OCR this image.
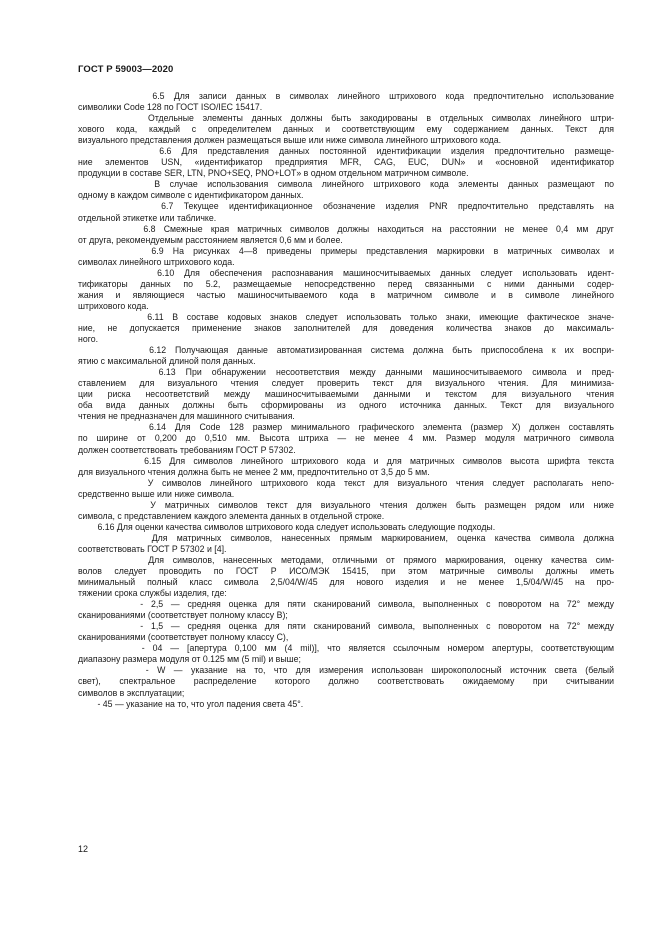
ГОСТ Р 59003—2020
6.5 Для записи данных в символах линейного штрихового кода предпочтительно использование
символики Code 128 по ГОСТ ISO/IEC 15417.
Отдельные элементы данных должны быть закодированы в отдельных символах линейного штри-
хового кода, каждый с определителем данных и соответствующим ему содержанием данных. Текст для
визуального представления должен размещаться выше или ниже символа линейного штрихового кода.
6.6 Для представления данных постоянной идентификации изделия предпочтительно размеще-
ние элементов USN, «идентификатор предприятия MFR, CAG, EUC, DUN» и «основной идентификатор
продукции в составе SER, LTN, PNO+SEQ, PNO+LOT» в одном отдельном матричном символе.
В случае использования символа линейного штрихового кода элементы данных размещают по
одному в каждом символе с идентификатором данных.
6.7 Текущее идентификационное обозначение изделия PNR предпочтительно представлять на
отдельной этикетке или табличке.
6.8 Смежные края матричных символов должны находиться на расстоянии не менее 0,4 мм друг
от друга, рекомендуемым расстоянием является 0,6 мм и более.
6.9 На рисунках 4—8 приведены примеры представления маркировки в матричных символах и
символах линейного штрихового кода.
6.10 Для обеспечения распознавания машиносчитываемых данных следует использовать идент-
тификаторы данных по 5.2, размещаемые непосредственно перед связанными с ними данными содер-
жания и являющиеся частью машиносчитываемого кода в матричном символе и в символе линейного
штрихового кода.
6.11 В составе кодовых знаков следует использовать только знаки, имеющие фактическое значе-
ние, не допускается применение знаков заполнителей для доведения количества знаков до максималь-
ного.
6.12 Получающая данные автоматизированная система должна быть приспособлена к их воспри-
ятию с максимальной длиной поля данных.
6.13 При обнаружении несоответствия между данными машиносчитываемого символа и пред-
ставлением для визуального чтения следует проверить текст для визуального чтения. Для минимиза-
ции риска несоответствий между машиносчитываемыми данными и текстом для визуального чтения
оба вида данных должны быть сформированы из одного источника данных. Текст для визуального
чтения не предназначен для машинного считывания.
6.14 Для Code 128 размер минимального графического элемента (размер X) должен составлять
по ширине от 0,200 до 0,510 мм. Высота штриха — не менее 4 мм. Размер модуля матричного символа
должен соответствовать требованиям ГОСТ Р 57302.
6.15 Для символов линейного штрихового кода и для матричных символов высота шрифта текста
для визуального чтения должна быть не менее 2 мм, предпочтительно от 3,5 до 5 мм.
У символов линейного штрихового кода текст для визуального чтения следует располагать непо-
средственно выше или ниже символа.
У матричных символов текст для визуального чтения должен быть размещен рядом или ниже
символа, с представлением каждого элемента данных в отдельной строке.
6.16 Для оценки качества символов штрихового кода следует использовать следующие подходы.
Для матричных символов, нанесенных прямым маркированием, оценка качества символа должна
соответствовать ГОСТ Р 57302 и [4].
Для символов, нанесенных методами, отличными от прямого маркирования, оценку качества сим-
волов следует проводить по ГОСТ Р ИСО/МЭК 15415, при этом матричные символы должны иметь
минимальный полный класс символа 2,5/04/W/45 для нового изделия и не менее 1,5/04/W/45 на про-
тяжении срока службы изделия, где:
- 2,5 — средняя оценка для пяти сканирований символа, выполненных с поворотом на 72° между
сканированиями (соответствует полному классу В);
- 1,5 — средняя оценка для пяти сканирований символа, выполненных с поворотом на 72° между
сканированиями (соответствует полному классу С),
- 04 — [апертура 0,100 мм (4 mil)], что является ссылочным номером апертуры, соответствующим
диапазону размера модуля от 0.125 мм (5 mil) и выше;
- W — указание на то, что для измерения использован широкополосный источник света (белый
свет), спектральное распределение которого должно соответствовать ожидаемому при считывании
символов в эксплуатации;
- 45 — указание на то, что угол падения света 45°.
12
